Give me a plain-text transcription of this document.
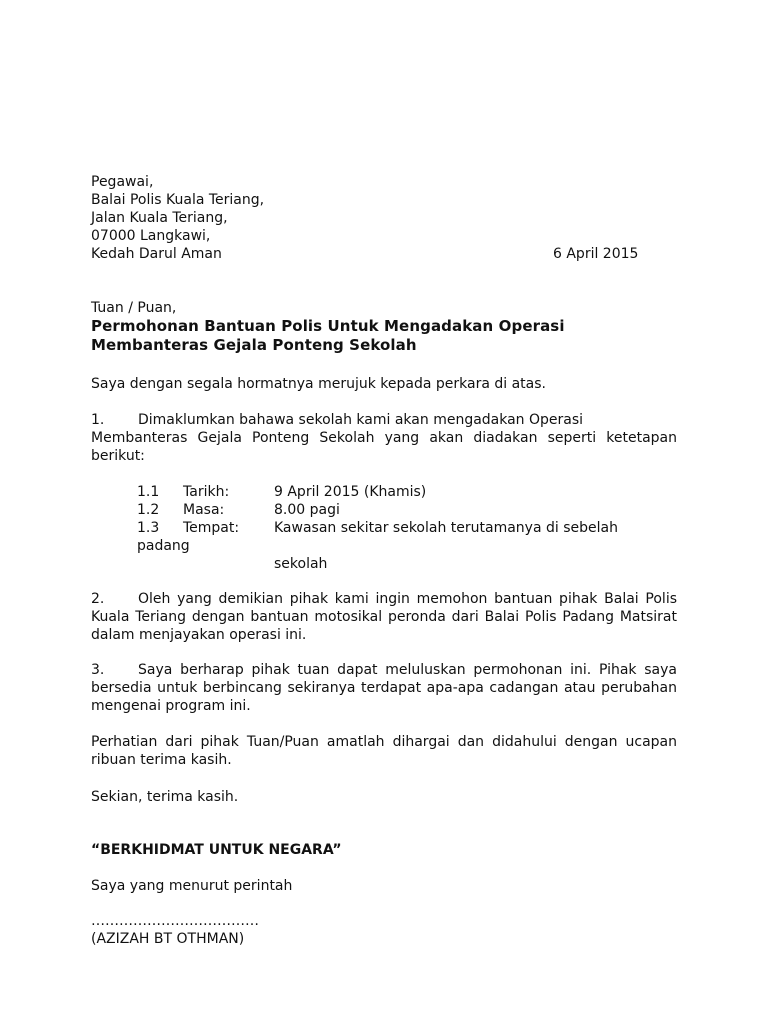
Pegawai,
Balai Polis Kuala Teriang,
Jalan Kuala Teriang,
07000 Langkawi,
Kedah Darul Aman	6 April 2015
Tuan / Puan,
Permohonan Bantuan Polis Untuk Mengadakan Operasi
Membanteras Gejala Ponteng Sekolah
Saya dengan segala hormatnya merujuk kepada perkara di atas.
1. Dimaklumkan bahawa sekolah kami akan mengadakan Operasi
Membanteras Gejala Ponteng Sekolah yang akan diadakan seperti ketetapan
berikut:
1.1 Tarikh:	9 April 2015 (Khamis)
1.2 Masa:	8.00 pagi
1.3 Tempat: Kawasan sekitar sekolah terutamanya di sebelah
padang
sekolah
2.	Oleh yang demikian pihak kami ingin memohon bantuan pihak Balai Polis
Kuala Teriang dengan bantuan motosikal peronda dari Balai Polis Padang Matsirat
dalam menjayakan operasi ini.
3.	Saya berharap pihak tuan dapat meluluskan permohonan ini. Pihak saya
bersedia untuk berbincang sekiranya terdapat apa-apa cadangan atau perubahan
mengenai program ini.
Perhatian dari pihak Tuan/Puan amatlah dihargai dan didahului dengan ucapan
ribuan terima kasih.
Sekian, terima kasih.
“BERKHIDMAT UNTUK NEGARA”
Saya yang menurut perintah
………………………………
(AZIZAH BT OTHMAN)
